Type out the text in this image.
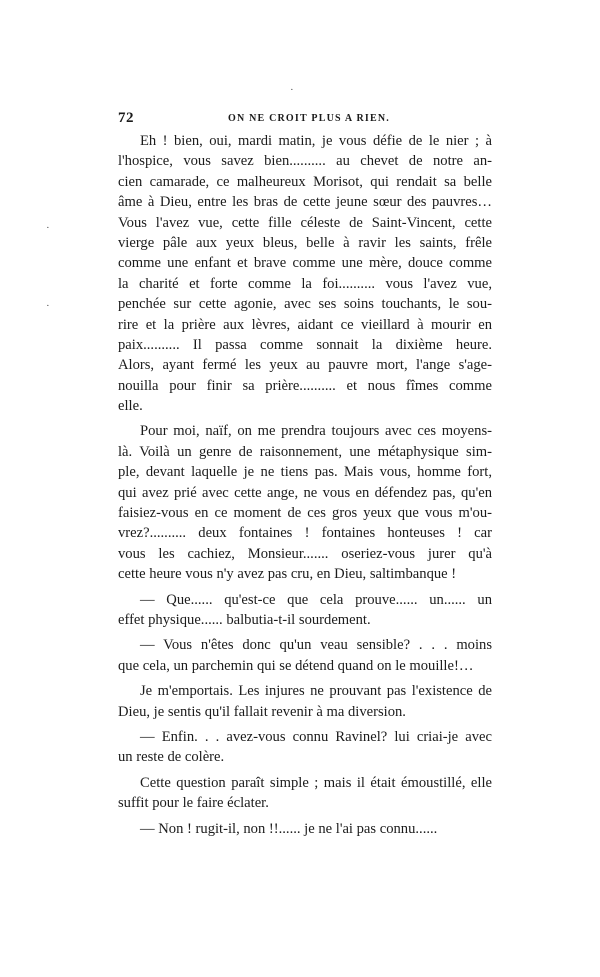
72	ON NE CROIT PLUS A RIEN.
·
·
·
Eh ! bien, oui, mardi matin, je vous défie de le nier ; à
l'hospice, vous savez bien.......... au chevet de notre an-
cien camarade, ce malheureux Morisot, qui rendait sa belle
âme à Dieu, entre les bras de cette jeune sœur des pauvres…
Vous l'avez vue, cette fille céleste de Saint-Vincent, cette
vierge pâle aux yeux bleus, belle à ravir les saints, frêle
comme une enfant et brave comme une mère, douce comme
la charité et forte comme la foi.......... vous l'avez vue,
penchée sur cette agonie, avec ses soins touchants, le sou-
rire et la prière aux lèvres, aidant ce vieillard à mourir en
paix.......... Il passa comme sonnait la dixième heure.
Alors, ayant fermé les yeux au pauvre mort, l'ange s'age-
nouilla pour finir sa prière.......... et nous fîmes comme
elle.
Pour moi, naïf, on me prendra toujours avec ces moyens-
là. Voilà un genre de raisonnement, une métaphysique sim-
ple, devant laquelle je ne tiens pas. Mais vous, homme fort,
qui avez prié avec cette ange, ne vous en défendez pas, qu'en
faisiez-vous en ce moment de ces gros yeux que vous m'ou-
vrez?.......... deux fontaines ! fontaines honteuses ! car
vous les cachiez, Monsieur....... oseriez-vous jurer qu'à
cette heure vous n'y avez pas cru, en Dieu, saltimbanque !
— Que...... qu'est-ce que cela prouve...... un...... un
effet physique...... balbutia-t-il sourdement.
— Vous n'êtes donc qu'un veau sensible? . . . moins
que cela, un parchemin qui se détend quand on le mouille!…
Je m'emportais. Les injures ne prouvant pas l'existence de
Dieu, je sentis qu'il fallait revenir à ma diversion.
— Enfin. . . avez-vous connu Ravinel? lui criai-je avec
un reste de colère.
Cette question paraît simple ; mais il était émoustillé, elle
suffit pour le faire éclater.
— Non ! rugit-il, non !!...... je ne l'ai pas connu......
